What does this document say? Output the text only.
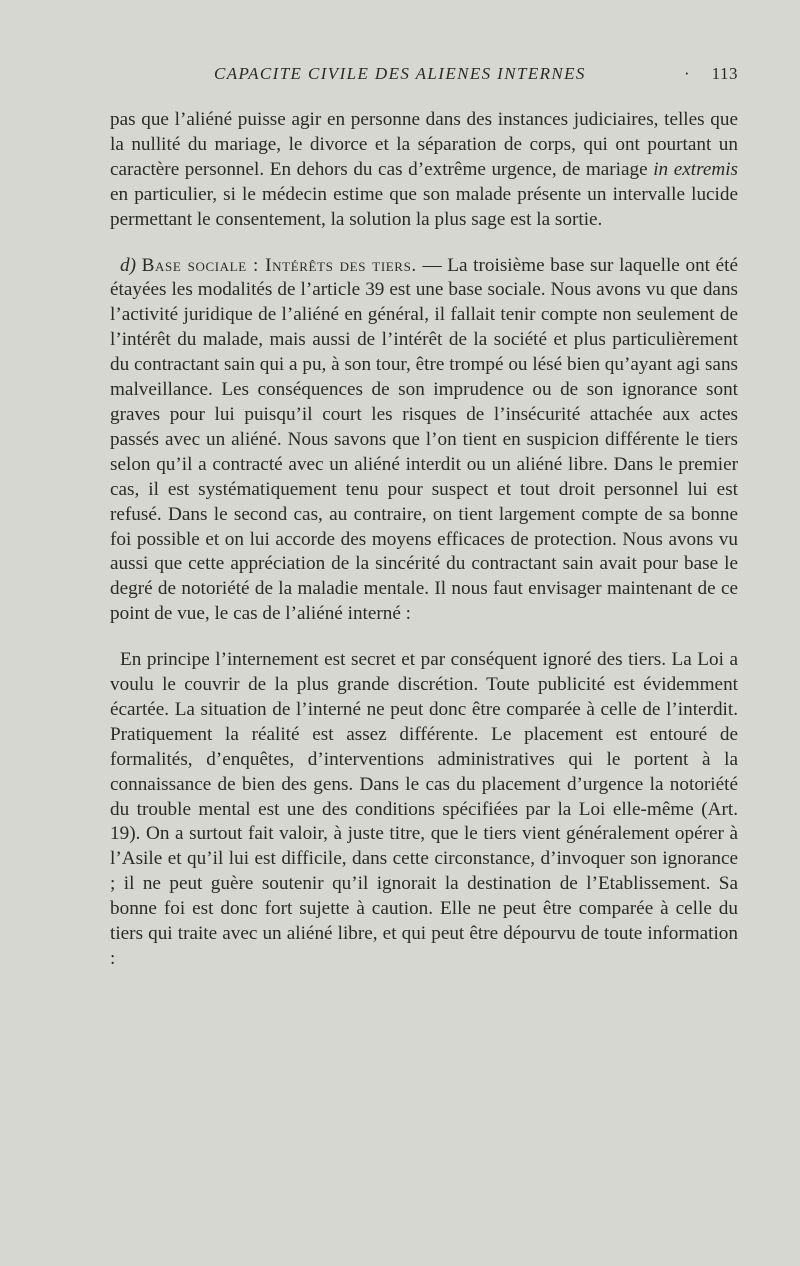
CAPACITE CIVILE DES ALIENES INTERNES	· 113

pas que l’aliéné puisse agir en personne dans des instances judiciaires, telles que la nullité du mariage, le divorce et la séparation de corps, qui ont pourtant un caractère personnel. En dehors du cas d’extrême urgence, de mariage in extremis en particulier, si le médecin estime que son malade présente un intervalle lucide permettant le consentement, la solution la plus sage est la sortie.

d) Base sociale : Intérêts des tiers. — La troisième base sur laquelle ont été étayées les modalités de l’article 39 est une base sociale. Nous avons vu que dans l’activité juridique de l’aliéné en général, il fallait tenir compte non seulement de l’intérêt du malade, mais aussi de l’intérêt de la société et plus particulièrement du contractant sain qui a pu, à son tour, être trompé ou lésé bien qu’ayant agi sans malveillance. Les conséquences de son imprudence ou de son ignorance sont graves pour lui puisqu’il court les risques de l’insécurité attachée aux actes passés avec un aliéné. Nous savons que l’on tient en suspicion différente le tiers selon qu’il a contracté avec un aliéné interdit ou un aliéné libre. Dans le premier cas, il est systématiquement tenu pour suspect et tout droit personnel lui est refusé. Dans le second cas, au contraire, on tient largement compte de sa bonne foi possible et on lui accorde des moyens efficaces de protection. Nous avons vu aussi que cette appréciation de la sincérité du contractant sain avait pour base le degré de notoriété de la maladie mentale. Il nous faut envisager maintenant de ce point de vue, le cas de l’aliéné interné :

En principe l’internement est secret et par conséquent ignoré des tiers. La Loi a voulu le couvrir de la plus grande discrétion. Toute publicité est évidemment écartée. La situation de l’interné ne peut donc être comparée à celle de l’interdit. Pratiquement la réalité est assez différente. Le placement est entouré de formalités, d’enquêtes, d’interventions administratives qui le portent à la connaissance de bien des gens. Dans le cas du placement d’urgence la notoriété du trouble mental est une des conditions spécifiées par la Loi elle-même (Art. 19). On a surtout fait valoir, à juste titre, que le tiers vient généralement opérer à l’Asile et qu’il lui est difficile, dans cette circonstance, d’invoquer son ignorance ; il ne peut guère soutenir qu’il ignorait la destination de l’Etablissement. Sa bonne foi est donc fort sujette à caution. Elle ne peut être comparée à celle du tiers qui traite avec un aliéné libre, et qui peut être dépourvu de toute information :
